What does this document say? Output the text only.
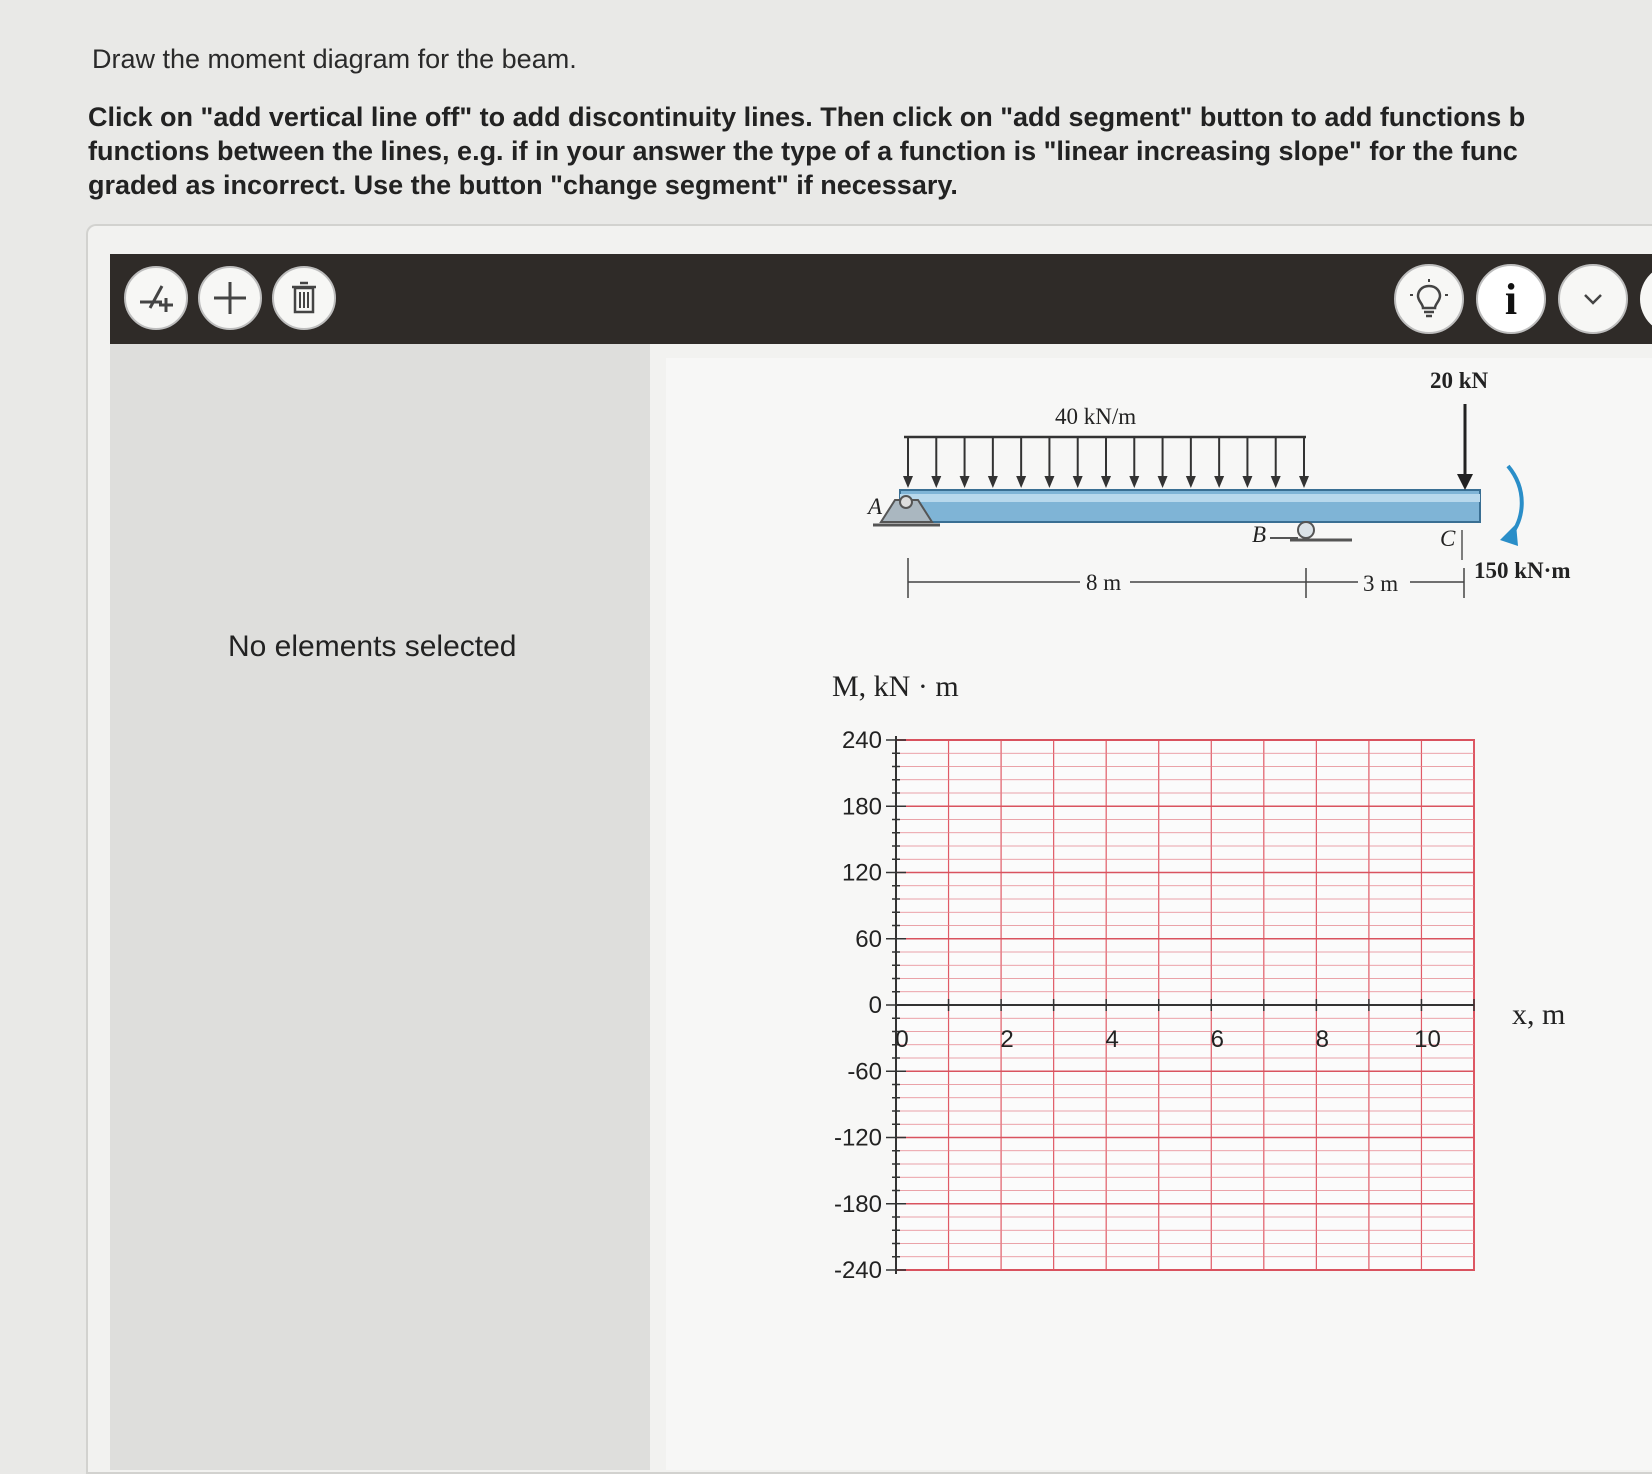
Draw the moment diagram for the beam.
Click on "add vertical line off" to add discontinuity lines. Then click on "add segment" button to add functions b
functions between the lines, e.g. if in your answer the type of a function is "linear increasing slope" for the func
graded as incorrect. Use the button "change segment" if necessary.
i
No elements selected
40 kN/m
A
B	C
20 kN
150 kN·m
8 m	3 m
M, kN · m
x, m
240
180
120
60
0
-60
-120
-180
-240
0	2	4	6	8	10
